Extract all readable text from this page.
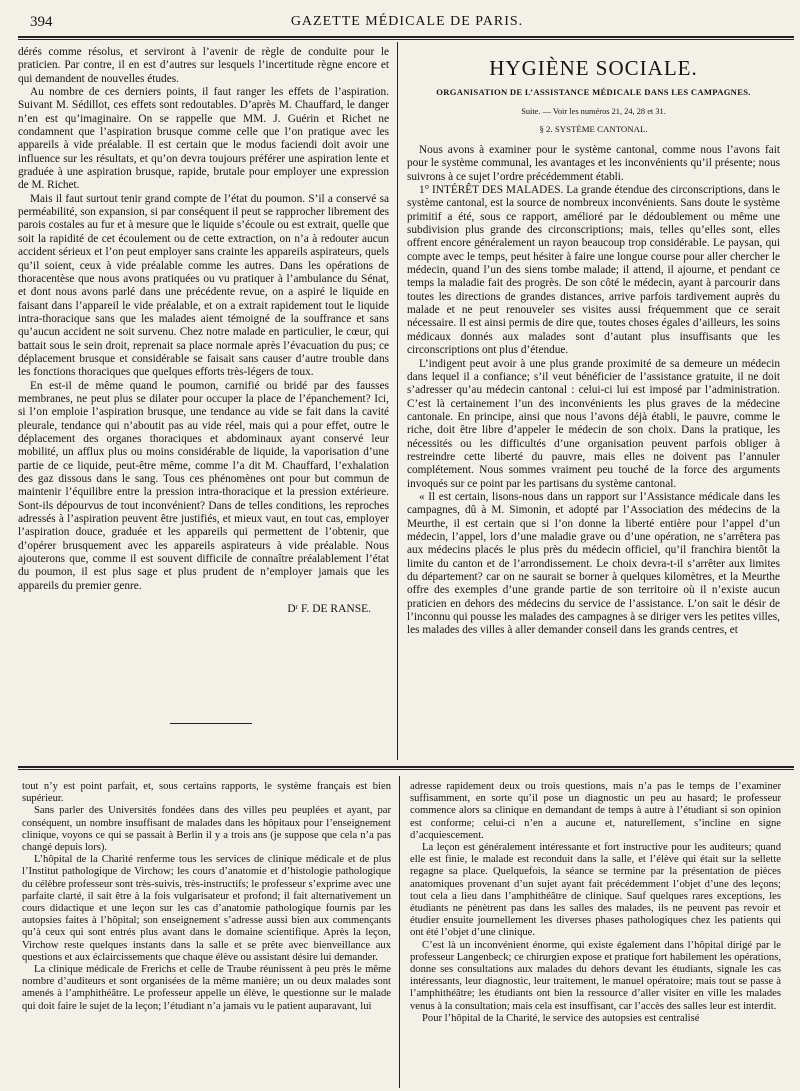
394	GAZETTE MÉDICALE DE PARIS.

dérés comme résolus, et serviront à l’avenir de règle de conduite pour le praticien. Par contre, il en est d’autres sur lesquels l’incertitude règne encore et qui demandent de nouvelles études.

Au nombre de ces derniers points, il faut ranger les effets de l’aspiration. Suivant M. Sédillot, ces effets sont redoutables. D’après M. Chauffard, le danger n’en est qu’imaginaire. On se rappelle que MM. J. Guérin et Richet ne condamnent que l’aspiration brusque comme celle que l’on pratique avec les appareils à vide préalable. Il est certain que le modus faciendi doit avoir une influence sur les résultats, et qu’on devra toujours préférer une aspiration lente et graduée à une aspiration brusque, rapide, brutale pour employer une expression de M. Richet.

Mais il faut surtout tenir grand compte de l’état du poumon. S’il a conservé sa perméabilité, son expansion, si par conséquent il peut se rapprocher librement des parois costales au fur et à mesure que le liquide s’écoule ou est extrait, quelle que soit la rapidité de cet écoulement ou de cette extraction, on n’a à redouter aucun accident sérieux et l’on peut employer sans crainte les appareils aspirateurs, quels qu’il soient, ceux à vide préalable comme les autres. Dans les opérations de thoracentèse que nous avons pratiquées ou vu pratiquer à l’ambulance du Sénat, et dont nous avons parlé dans une précédente revue, on a aspiré le liquide en faisant dans l’appareil le vide préalable, et on a extrait rapidement tout le liquide intra-thoracique sans que les malades aient témoigné de la souffrance et sans qu’aucun accident ne soit survenu. Chez notre malade en particulier, le cœur, qui battait sous le sein droit, reprenait sa place normale après l’évacuation du pus; ce déplacement brusque et considérable se faisait sans causer d’autre trouble dans les fonctions thoraciques que quelques efforts très-légers de toux.

En est-il de même quand le poumon, carnifié ou bridé par des fausses membranes, ne peut plus se dilater pour occuper la place de l’épanchement? Ici, si l’on emploie l’aspiration brusque, une tendance au vide se fait dans la cavité pleurale, tendance qui n’aboutit pas au vide réel, mais qui a pour effet, outre le déplacement des organes thoraciques et abdominaux ayant conservé leur mobilité, un afflux plus ou moins considérable de liquide, la vaporisation d’une partie de ce liquide, peut-être même, comme l’a dit M. Chauffard, l’exhalation des gaz dissous dans le sang. Tous ces phénomènes ont pour but commun de maintenir l’équilibre entre la pression intra-thoracique et la pression extérieure. Sont-ils dépourvus de tout inconvénient? Dans de telles conditions, les reproches adressés à l’aspiration peuvent être justifiés, et mieux vaut, en tout cas, employer l’aspiration douce, graduée et les appareils qui permettent de l’obtenir, que d’opérer brusquement avec les appareils aspirateurs à vide préalable. Nous ajouterons que, comme il est souvent difficile de connaître préalablement l’état du poumon, il est plus sage et plus prudent de n’employer jamais que les appareils du premier genre.

Dʳ F. DE RANSE.
HYGIÈNE SOCIALE.
ORGANISATION DE L’ASSISTANCE MÉDICALE DANS LES CAMPAGNES.
Suite. — Voir les numéros 21, 24, 28 et 31.
§ 2. SYSTÈME CANTONAL.

Nous avons à examiner pour le système cantonal, comme nous l’avons fait pour le système communal, les avantages et les inconvénients qu’il présente; nous suivrons à ce sujet l’ordre précédemment établi.

1° INTÉRÊT DES MALADES. La grande étendue des circonscriptions, dans le système cantonal, est la source de nombreux inconvénients. Sans doute le système primitif a été, sous ce rapport, amélioré par le dédoublement ou même une subdivision plus grande des circonscriptions; mais, telles qu’elles sont, elles offrent encore généralement un rayon beaucoup trop considérable. Le paysan, qui compte avec le temps, peut hésiter à faire une longue course pour aller chercher le médecin, quand l’un des siens tombe malade; il attend, il ajourne, et pendant ce temps la maladie fait des progrès. De son côté le médecin, ayant à parcourir dans toutes les directions de grandes distances, arrive parfois tardivement auprès du malade et ne peut renouveler ses visites aussi fréquemment que ce serait nécessaire. Il est ainsi permis de dire que, toutes choses égales d’ailleurs, les soins médicaux donnés aux malades sont d’autant plus insuffisants que les circonscriptions ont plus d’étendue.

L’indigent peut avoir à une plus grande proximité de sa demeure un médecin dans lequel il a confiance; s’il veut bénéficier de l’assistance gratuite, il ne doit s’adresser qu’au médecin cantonal : celui-ci lui est imposé par l’administration. C’est là certainement l’un des inconvénients les plus graves de la médecine cantonale. En principe, ainsi que nous l’avons déjà établi, le pauvre, comme le riche, doit être libre d’appeler le médecin de son choix. Dans la pratique, les nécessités ou les difficultés d’une organisation peuvent parfois obliger à restreindre cette liberté du pauvre, mais elles ne doivent pas l’annuler complétement. Nous sommes vraiment peu touché de la force des arguments invoqués sur ce point par les partisans du système cantonal.

« Il est certain, lisons-nous dans un rapport sur l’Assistance médicale dans les campagnes, dû à M. Simonin, et adopté par l’Association des médecins de la Meurthe, il est certain que si l’on donne la liberté entière pour l’appel d’un médecin, l’appel, lors d’une maladie grave ou d’une opération, ne s’arrêtera pas aux médecins placés le plus près du médecin officiel, qu’il franchira bientôt la limite du canton et de l’arrondissement. Le choix devra-t-il s’arrêter aux limites du département? car on ne saurait se borner à quelques kilomètres, et la Meurthe offre des exemples d’une grande partie de son territoire où il n’existe aucun praticien en dehors des médecins du service de l’assistance. L’on sait le désir de l’inconnu qui pousse les malades des campagnes à se diriger vers les petites villes, les malades des villes à aller demander conseil dans les grands centres, et

tout n’y est point parfait, et, sous certains rapports, le système français est bien supérieur.

Sans parler des Universités fondées dans des villes peu peuplées et ayant, par conséquent, un nombre insuffisant de malades dans les hôpitaux pour l’enseignement clinique, voyons ce qui se passait à Berlin il y a trois ans (je suppose que cela n’a pas changé depuis lors).

L’hôpital de la Charité renferme tous les services de clinique médicale et de plus l’Institut pathologique de Virchow; les cours d’anatomie et d’histologie pathologique du célèbre professeur sont très-suivis, très-instructifs; le professeur s’exprime avec une parfaite clarté, il sait être à la fois vulgarisateur et profond; il fait alternativement un cours didactique et une leçon sur les cas d’anatomie pathologique fournis par les autopsies faites à l’hôpital; son enseignement s’adresse aussi bien aux commençants qu’à ceux qui sont entrés plus avant dans le domaine scientifique. Après la leçon, Virchow reste quelques instants dans la salle et se prête avec bienveillance aux questions et aux éclaircissements que chaque élève ou assistant désire lui demander.

La clinique médicale de Frerichs et celle de Traube réunissent à peu près le même nombre d’auditeurs et sont organisées de la même manière; un ou deux malades sont amenés à l’amphithéâtre. Le professeur appelle un élève, le questionne sur le malade qui doit faire le sujet de la leçon; l’étudiant n’a jamais vu le patient auparavant, lui

adresse rapidement deux ou trois questions, mais n’a pas le temps de l’examiner suffisamment, en sorte qu’il pose un diagnostic un peu au hasard; le professeur commence alors sa clinique en demandant de temps à autre à l’étudiant si son opinion est conforme; celui-ci n’en a aucune et, naturellement, s’incline en signe d’acquiescement.

La leçon est généralement intéressante et fort instructive pour les auditeurs; quand elle est finie, le malade est reconduit dans la salle, et l’élève qui était sur la sellette regagne sa place. Quelquefois, la séance se termine par la présentation de pièces anatomiques provenant d’un sujet ayant fait précédemment l’objet d’une des leçons; tout cela a lieu dans l’amphithéâtre de clinique. Sauf quelques rares exceptions, les étudiants ne pénètrent pas dans les salles des malades, ils ne peuvent pas revoir et étudier ensuite journellement les diverses phases pathologiques chez les patients qui ont été l’objet d’une clinique.

C’est là un inconvénient énorme, qui existe également dans l’hôpital dirigé par le professeur Langenbeck; ce chirurgien expose et pratique fort habilement les opérations, donne ses consultations aux malades du dehors devant les étudiants, signale les cas intéressants, leur diagnostic, leur traitement, le manuel opératoire; mais tout se passe à l’amphithéâtre; les étudiants ont bien la ressource d’aller visiter en ville les malades venus à la consultation; mais cela est insuffisant, car l’accès des salles leur est interdit.

Pour l’hôpital de la Charité, le service des autopsies est centralisé
